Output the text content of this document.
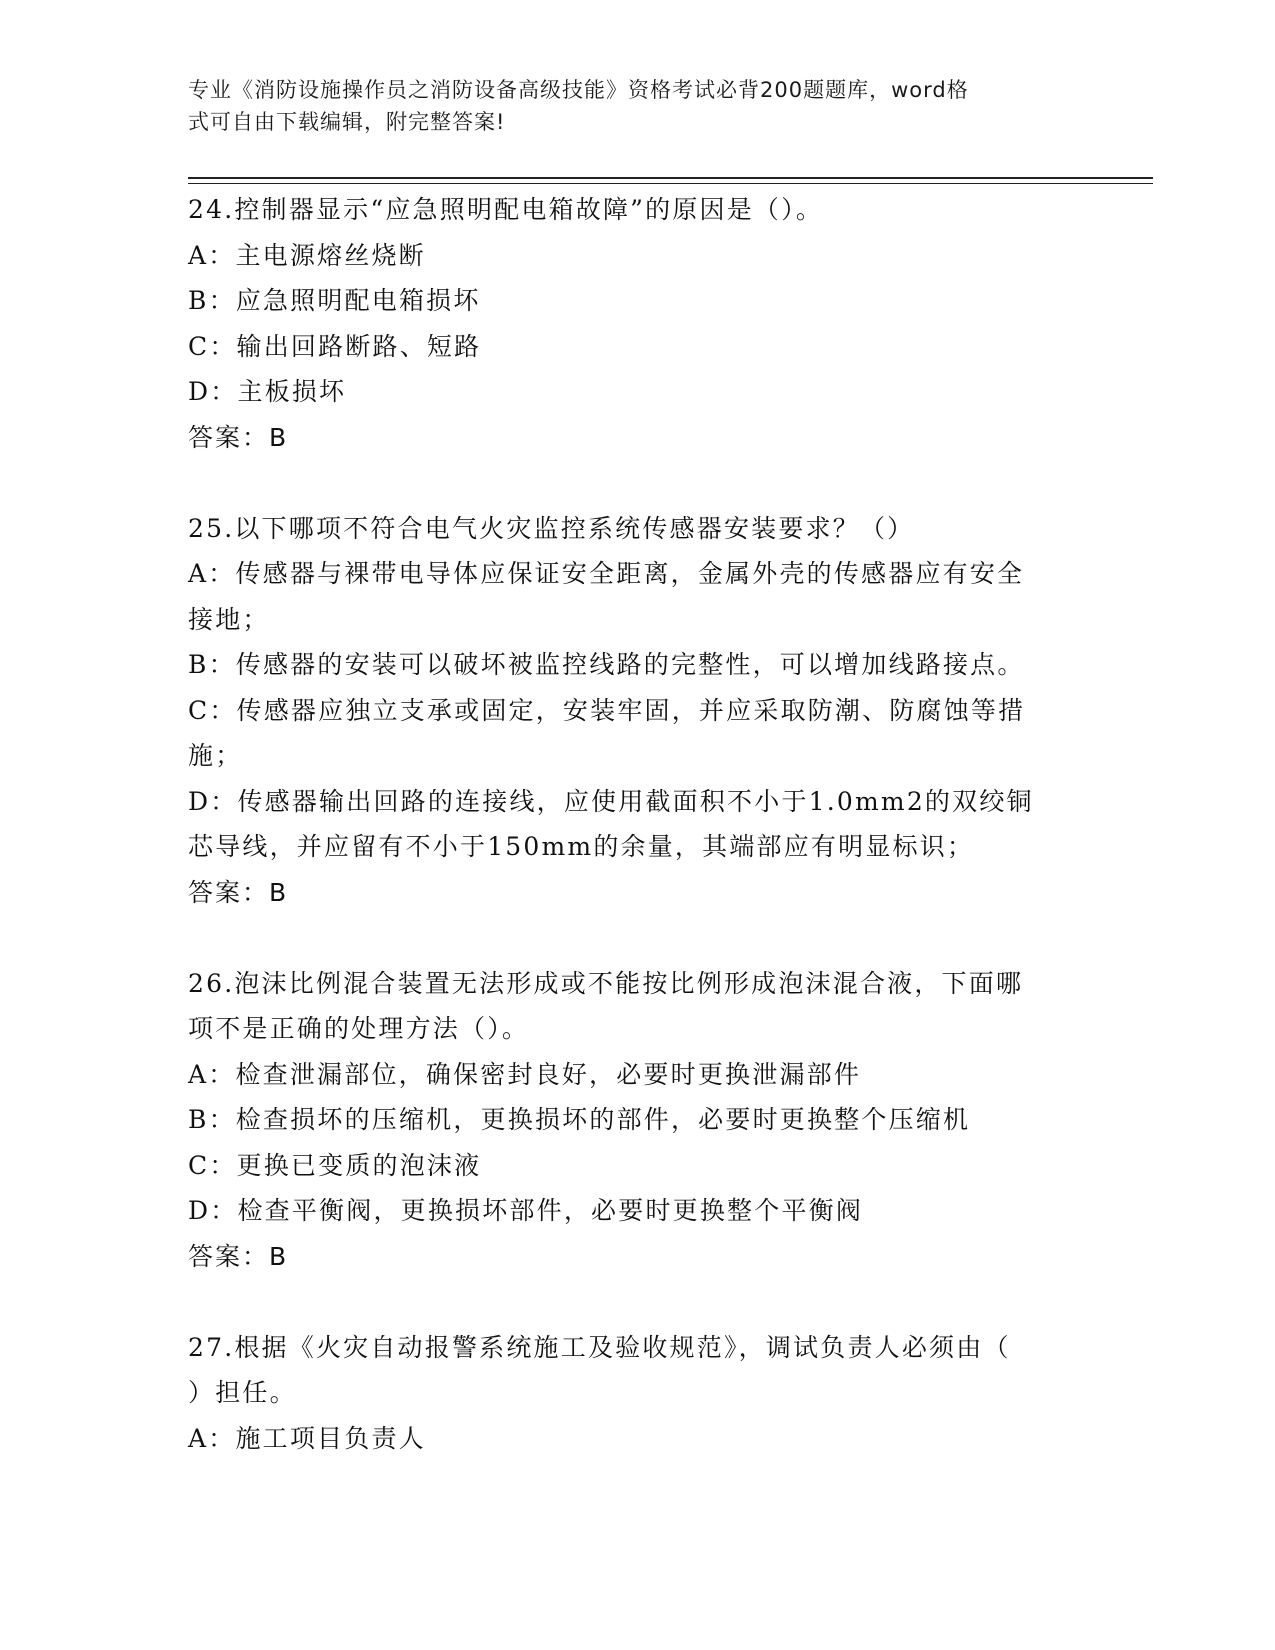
专业《消防设施操作员之消防设备高级技能》资格考试必背200题题库，word格
式可自由下载编辑，附完整答案!
24.控制器显示“应急照明配电箱故障”的原因是（）。
A：主电源熔丝烧断
B：应急照明配电箱损坏
C：输出回路断路、短路
D：主板损坏
答案：B
25.以下哪项不符合电气火灾监控系统传感器安装要求？（）
A：传感器与裸带电导体应保证安全距离，金属外壳的传感器应有安全
接地；
B：传感器的安装可以破坏被监控线路的完整性，可以增加线路接点。
C：传感器应独立支承或固定，安装牢固，并应采取防潮、防腐蚀等措
施；
D：传感器输出回路的连接线，应使用截面积不小于1.0mm2的双绞铜
芯导线，并应留有不小于150mm的余量，其端部应有明显标识；
答案：B
26.泡沫比例混合装置无法形成或不能按比例形成泡沫混合液，下面哪
项不是正确的处理方法（）。
A：检查泄漏部位，确保密封良好，必要时更换泄漏部件
B：检查损坏的压缩机，更换损坏的部件，必要时更换整个压缩机
C：更换已变质的泡沫液
D：检查平衡阀，更换损坏部件，必要时更换整个平衡阀
答案：B
27.根据《火灾自动报警系统施工及验收规范》，调试负责人必须由（
）担任。
A：施工项目负责人
